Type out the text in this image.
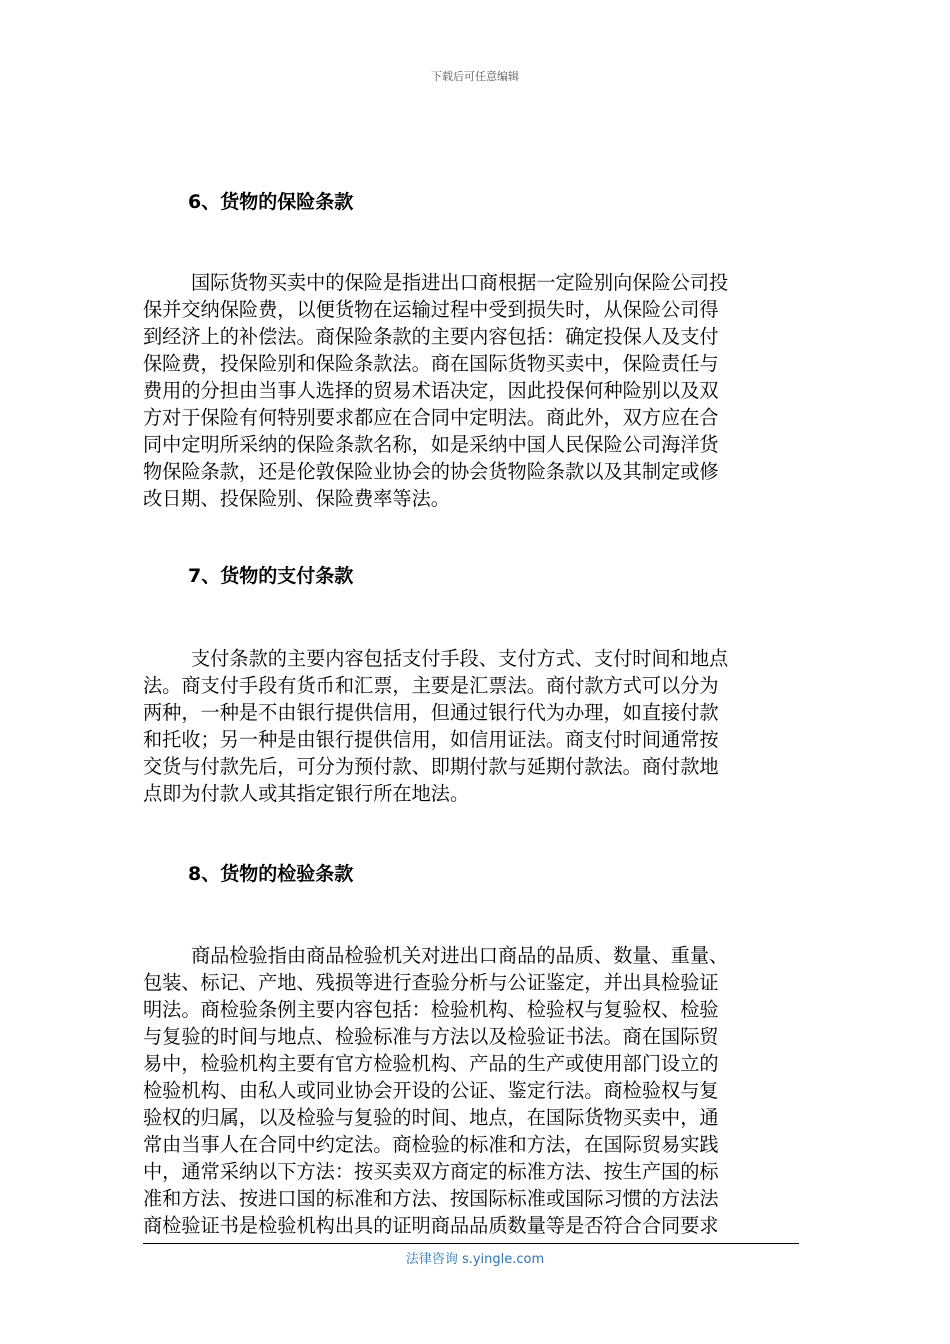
下载后可任意编辑
6、货物的保险条款
国际货物买卖中的保险是指进出口商根据一定险别向保险公司投
保并交纳保险费，以便货物在运输过程中受到损失时，从保险公司得
到经济上的补偿法。商保险条款的主要内容包括：确定投保人及支付
保险费，投保险别和保险条款法。商在国际货物买卖中，保险责任与
费用的分担由当事人选择的贸易术语决定，因此投保何种险别以及双
方对于保险有何特别要求都应在合同中定明法。商此外，双方应在合
同中定明所采纳的保险条款名称，如是采纳中国人民保险公司海洋货
物保险条款，还是伦敦保险业协会的协会货物险条款以及其制定或修
改日期、投保险别、保险费率等法。
7、货物的支付条款
支付条款的主要内容包括支付手段、支付方式、支付时间和地点
法。商支付手段有货币和汇票，主要是汇票法。商付款方式可以分为
两种，一种是不由银行提供信用，但通过银行代为办理，如直接付款
和托收；另一种是由银行提供信用，如信用证法。商支付时间通常按
交货与付款先后，可分为预付款、即期付款与延期付款法。商付款地
点即为付款人或其指定银行所在地法。
8、货物的检验条款
商品检验指由商品检验机关对进出口商品的品质、数量、重量、
包装、标记、产地、残损等进行查验分析与公证鉴定，并出具检验证
明法。商检验条例主要内容包括：检验机构、检验权与复验权、检验
与复验的时间与地点、检验标准与方法以及检验证书法。商在国际贸
易中，检验机构主要有官方检验机构、产品的生产或使用部门设立的
检验机构、由私人或同业协会开设的公证、鉴定行法。商检验权与复
验权的归属，以及检验与复验的时间、地点，在国际货物买卖中，通
常由当事人在合同中约定法。商检验的标准和方法，在国际贸易实践
中，通常采纳以下方法：按买卖双方商定的标准方法、按生产国的标
准和方法、按进口国的标准和方法、按国际标准或国际习惯的方法法
商检验证书是检验机构出具的证明商品品质数量等是否符合合同要求
法律咨询 s.yingle.com
